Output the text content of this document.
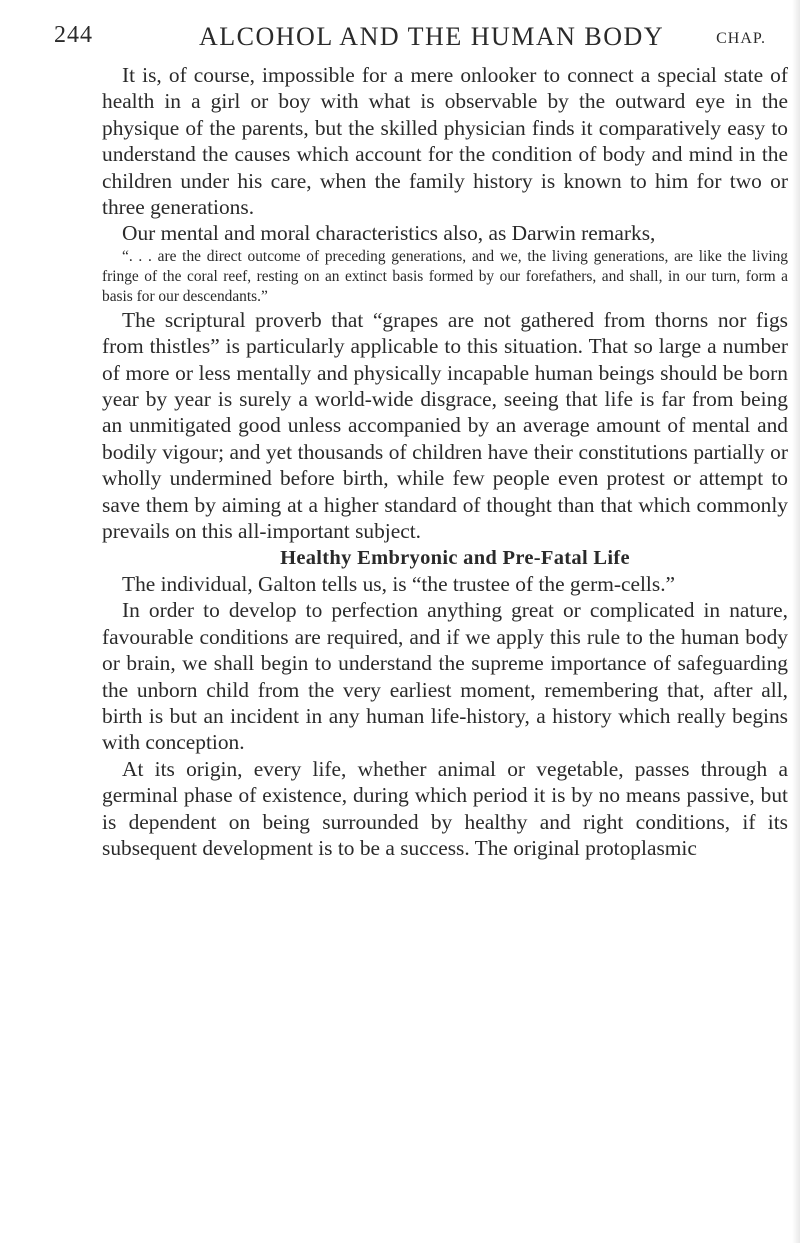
244	ALCOHOL AND THE HUMAN BODY	CHAP.

It is, of course, impossible for a mere onlooker to connect a special state of health in a girl or boy with what is observable by the outward eye in the physique of the parents, but the skilled physician finds it comparatively easy to understand the causes which account for the condition of body and mind in the children under his care, when the family history is known to him for two or three generations.

Our mental and moral characteristics also, as Darwin remarks,

“. . . are the direct outcome of preceding generations, and we, the living generations, are like the living fringe of the coral reef, resting on an extinct basis formed by our forefathers, and shall, in our turn, form a basis for our descendants.”

The scriptural proverb that “grapes are not gathered from thorns nor figs from thistles” is particularly applicable to this situation. That so large a number of more or less mentally and physically incapable human beings should be born year by year is surely a world-wide disgrace, seeing that life is far from being an unmitigated good unless accompanied by an average amount of mental and bodily vigour; and yet thousands of children have their constitutions partially or wholly undermined before birth, while few people even protest or attempt to save them by aiming at a higher standard of thought than that which commonly prevails on this all-important subject.

Healthy Embryonic and Pre-Fatal Life

The individual, Galton tells us, is “the trustee of the germ-cells.”

In order to develop to perfection anything great or complicated in nature, favourable conditions are required, and if we apply this rule to the human body or brain, we shall begin to understand the supreme importance of safeguarding the unborn child from the very earliest moment, remembering that, after all, birth is but an incident in any human life-history, a history which really begins with conception.

At its origin, every life, whether animal or vegetable, passes through a germinal phase of existence, during which period it is by no means passive, but is dependent on being surrounded by healthy and right conditions, if its subsequent development is to be a success. The original protoplasmic
